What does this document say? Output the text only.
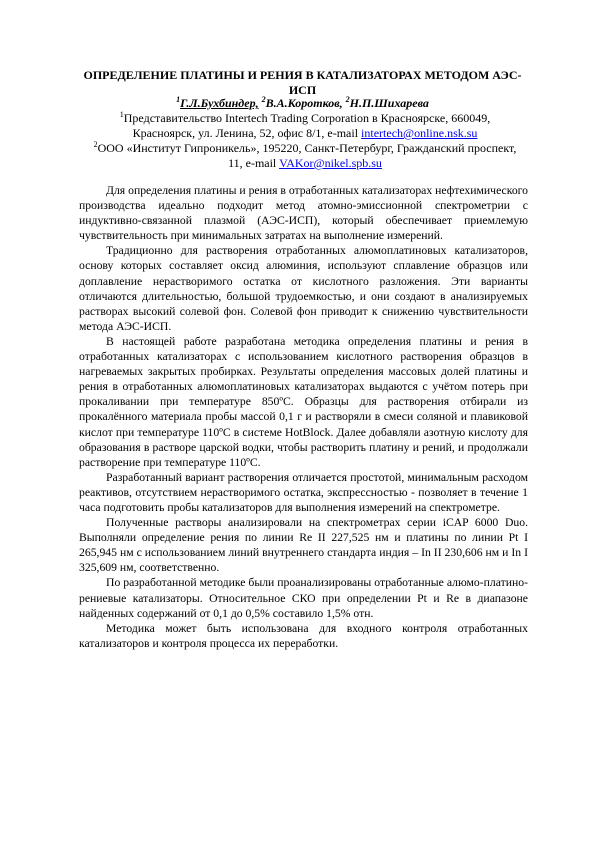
ОПРЕДЕЛЕНИЕ ПЛАТИНЫ И РЕНИЯ В КАТАЛИЗАТОРАХ МЕТОДОМ АЭС-ИСП
$^1$Г.Л.Бухбиндер, $^2$В.А.Коротков, $^2$Н.П.Шихарева
$^1$Представительство Intertech Trading Corporation в Красноярске, 660049, Красноярск, ул. Ленина, 52, офис 8/1, e-mail intertech@online.nsk.su
$^2$ООО «Институт Гипроникель», 195220, Санкт-Петербург, Гражданский проспект, 11, e-mail VAKor@nikel.spb.su

Для определения платины и рения в отработанных катализаторах нефтехимического производства идеально подходит метод атомно-эмиссионной спектрометрии с индуктивно-связанной плазмой (АЭС-ИСП), который обеспечивает приемлемую чувствительность при минимальных затратах на выполнение измерений.

Традиционно для растворения отработанных алюмоплатиновых катализаторов, основу которых составляет оксид алюминия, используют сплавление образцов или доплавление нерастворимого остатка от кислотного разложения. Эти варианты отличаются длительностью, большой трудоемкостью, и они создают в анализируемых растворах высокий солевой фон. Солевой фон приводит к снижению чувствительности метода АЭС-ИСП.

В настоящей работе разработана методика определения платины и рения в отработанных катализаторах с использованием кислотного растворения образцов в нагреваемых закрытых пробирках. Результаты определения массовых долей платины и рения в отработанных алюмоплатиновых катализаторах выдаются с учётом потерь при прокаливании при температуре 850ºС. Образцы для растворения отбирали из прокалённого материала пробы массой 0,1 г и растворяли в смеси соляной и плавиковой кислот при температуре 110ºС в системе HotBlock. Далее добавляли азотную кислоту для образования в растворе царской водки, чтобы растворить платину и рений, и продолжали растворение при температуре 110ºС.

Разработанный вариант растворения отличается простотой, минимальным расходом реактивов, отсутствием нерастворимого остатка, экспрессностью - позволяет в течение 1 часа подготовить пробы катализаторов для выполнения измерений на спектрометре.

Полученные растворы анализировали на спектрометрах серии iCAP 6000 Duo. Выполняли определение рения по линии Re II 227,525 нм и платины по линии Pt I 265,945 нм с использованием линий внутреннего стандарта индия – In II 230,606 нм и In I 325,609 нм, соответственно.

По разработанной методике были проанализированы отработанные алюмо-платино-рениевые катализаторы. Относительное СКО при определении Pt и Re в диапазоне найденных содержаний от 0,1 до 0,5% составило 1,5% отн.

Методика может быть использована для входного контроля отработанных катализаторов и контроля процесса их переработки.
